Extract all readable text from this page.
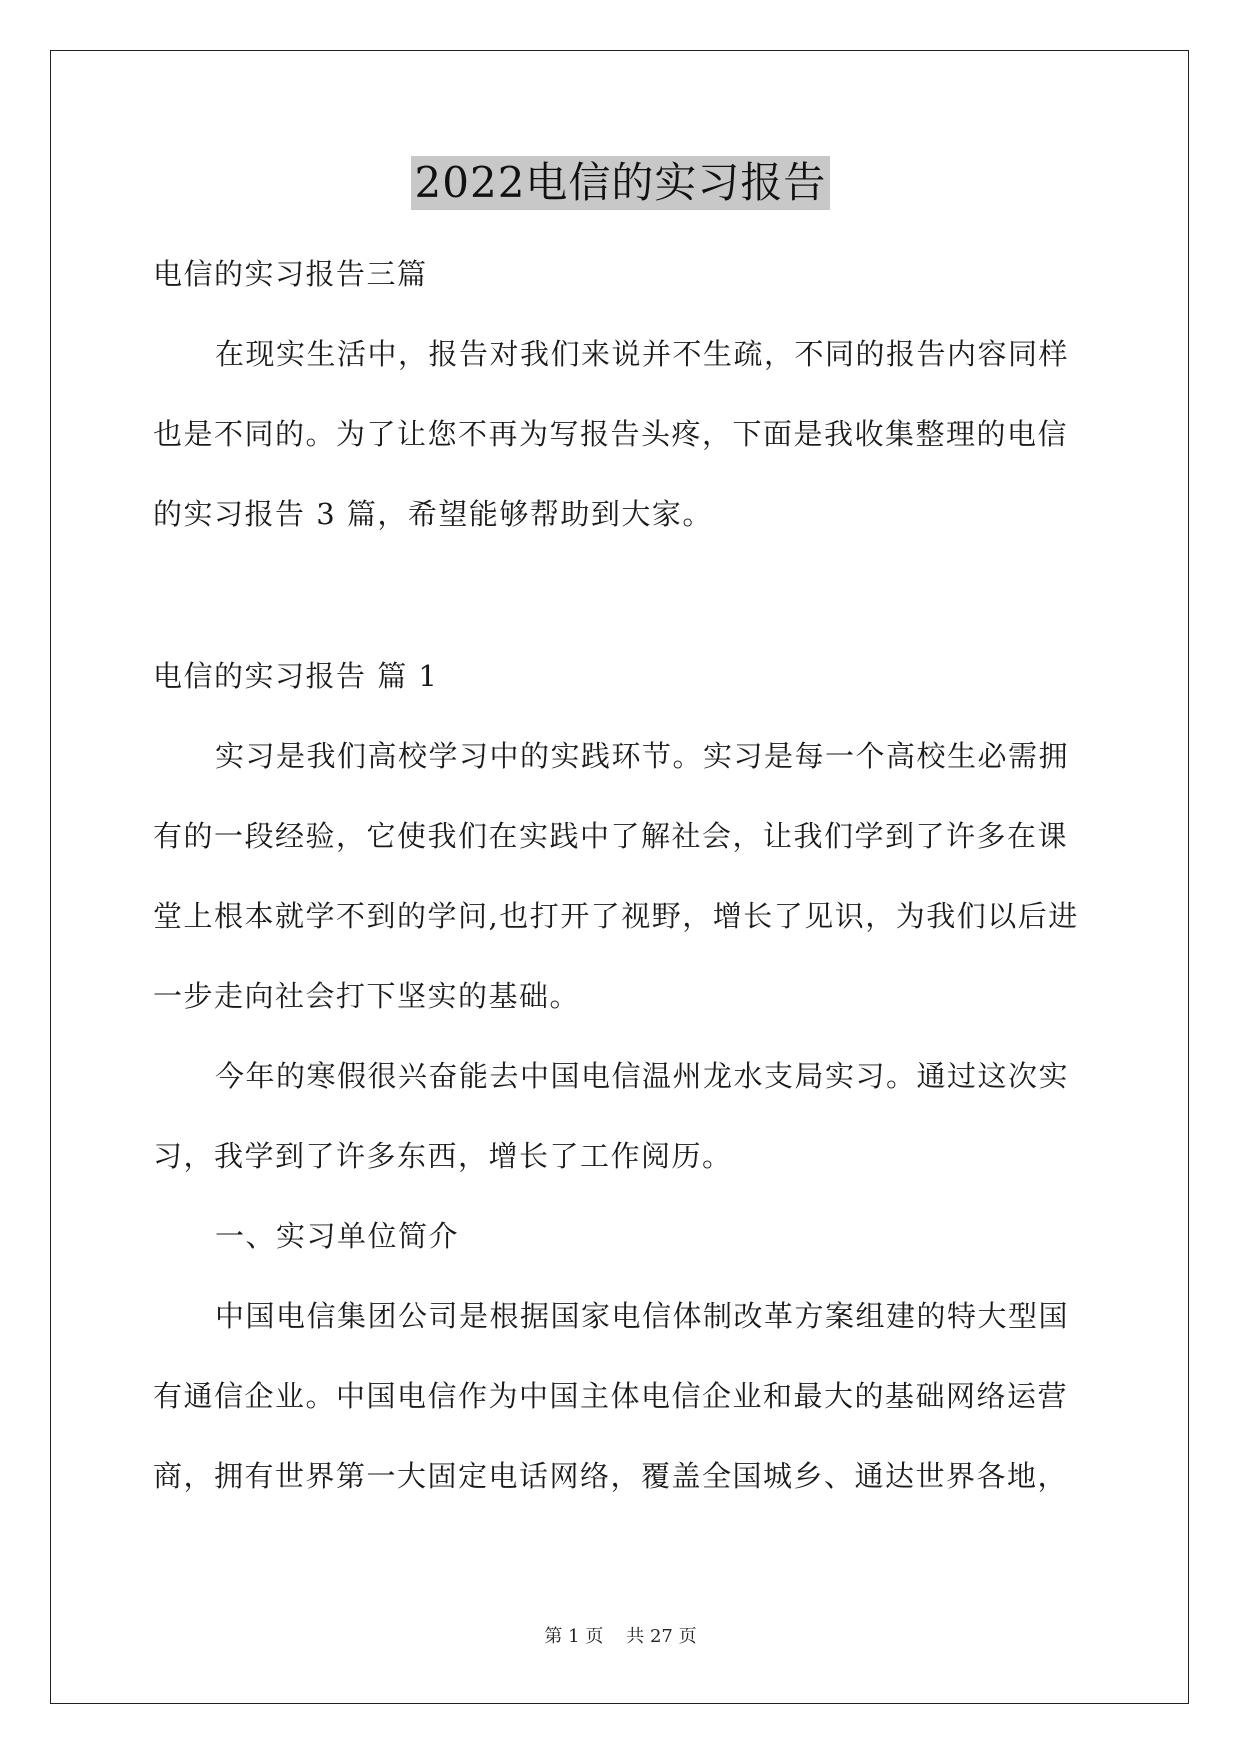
2022电信的实习报告
电信的实习报告三篇
在现实生活中，报告对我们来说并不生疏，不同的报告内容同样
也是不同的。为了让您不再为写报告头疼，下面是我收集整理的电信
的实习报告 3 篇，希望能够帮助到大家。
电信的实习报告 篇 1
实习是我们高校学习中的实践环节。实习是每一个高校生必需拥
有的一段经验，它使我们在实践中了解社会，让我们学到了许多在课
堂上根本就学不到的学问,也打开了视野，增长了见识，为我们以后进
一步走向社会打下坚实的基础。
今年的寒假很兴奋能去中国电信温州龙水支局实习。通过这次实
习，我学到了许多东西，增长了工作阅历。
一、实习单位简介
中国电信集团公司是根据国家电信体制改革方案组建的特大型国
有通信企业。中国电信作为中国主体电信企业和最大的基础网络运营
商，拥有世界第一大固定电话网络，覆盖全国城乡、通达世界各地，
第 1 页 共 27 页
